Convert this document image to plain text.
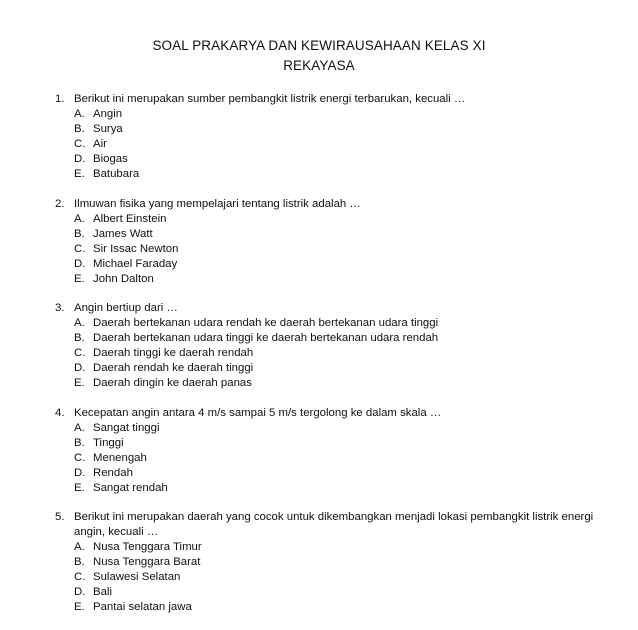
SOAL PRAKARYA DAN KEWIRAUSAHAAN KELAS XI
REKAYASA
1. Berikut ini merupakan sumber pembangkit listrik energi terbarukan, kecuali …
A. Angin
B. Surya
C. Air
D. Biogas
E. Batubara
2. Ilmuwan fisika yang mempelajari tentang listrik adalah …
A. Albert Einstein
B. James Watt
C. Sir Issac Newton
D. Michael Faraday
E. John Dalton
3. Angin bertiup dari …
A. Daerah bertekanan udara rendah ke daerah bertekanan udara tinggi
B. Daerah bertekanan udara tinggi ke daerah bertekanan udara rendah
C. Daerah tinggi ke daerah rendah
D. Daerah rendah ke daerah tinggi
E. Daerah dingin ke daerah panas
4. Kecepatan angin antara 4 m/s sampai 5 m/s tergolong ke dalam skala …
A. Sangat tinggi
B. Tinggi
C. Menengah
D. Rendah
E. Sangat rendah
5. Berikut ini merupakan daerah yang cocok untuk dikembangkan menjadi lokasi pembangkit listrik energi angin, kecuali …
A. Nusa Tenggara Timur
B. Nusa Tenggara Barat
C. Sulawesi Selatan
D. Bali
E. Pantai selatan jawa
